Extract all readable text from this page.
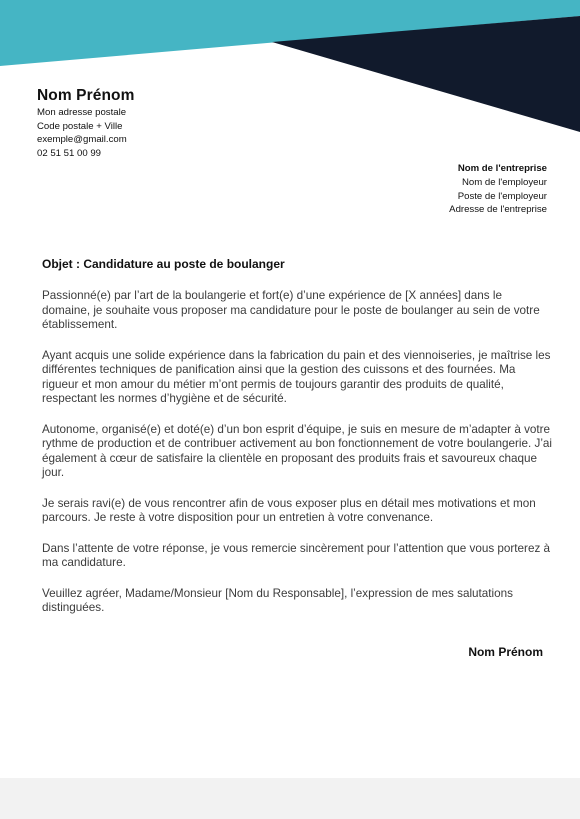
Nom Prénom
Mon adresse postale
Code postale + Ville
exemple@gmail.com
02 51 51 00 99
Nom de l'entreprise
Nom de l'employeur
Poste de l'employeur
Adresse de l'entreprise
Objet : Candidature au poste de boulanger

Passionné(e) par l’art de la boulangerie et fort(e) d’une expérience de [X années] dans le domaine, je souhaite vous proposer ma candidature pour le poste de boulanger au sein de votre établissement.

Ayant acquis une solide expérience dans la fabrication du pain et des viennoiseries, je maîtrise les différentes techniques de panification ainsi que la gestion des cuissons et des fournées. Ma rigueur et mon amour du métier m’ont permis de toujours garantir des produits de qualité, respectant les normes d’hygiène et de sécurité.

Autonome, organisé(e) et doté(e) d’un bon esprit d’équipe, je suis en mesure de m’adapter à votre rythme de production et de contribuer activement au bon fonctionnement de votre boulangerie. J’ai également à cœur de satisfaire la clientèle en proposant des produits frais et savoureux chaque jour.

Je serais ravi(e) de vous rencontrer afin de vous exposer plus en détail mes motivations et mon parcours. Je reste à votre disposition pour un entretien à votre convenance.

Dans l’attente de votre réponse, je vous remercie sincèrement pour l’attention que vous porterez à ma candidature.

Veuillez agréer, Madame/Monsieur [Nom du Responsable], l’expression de mes salutations distinguées.

Nom Prénom
